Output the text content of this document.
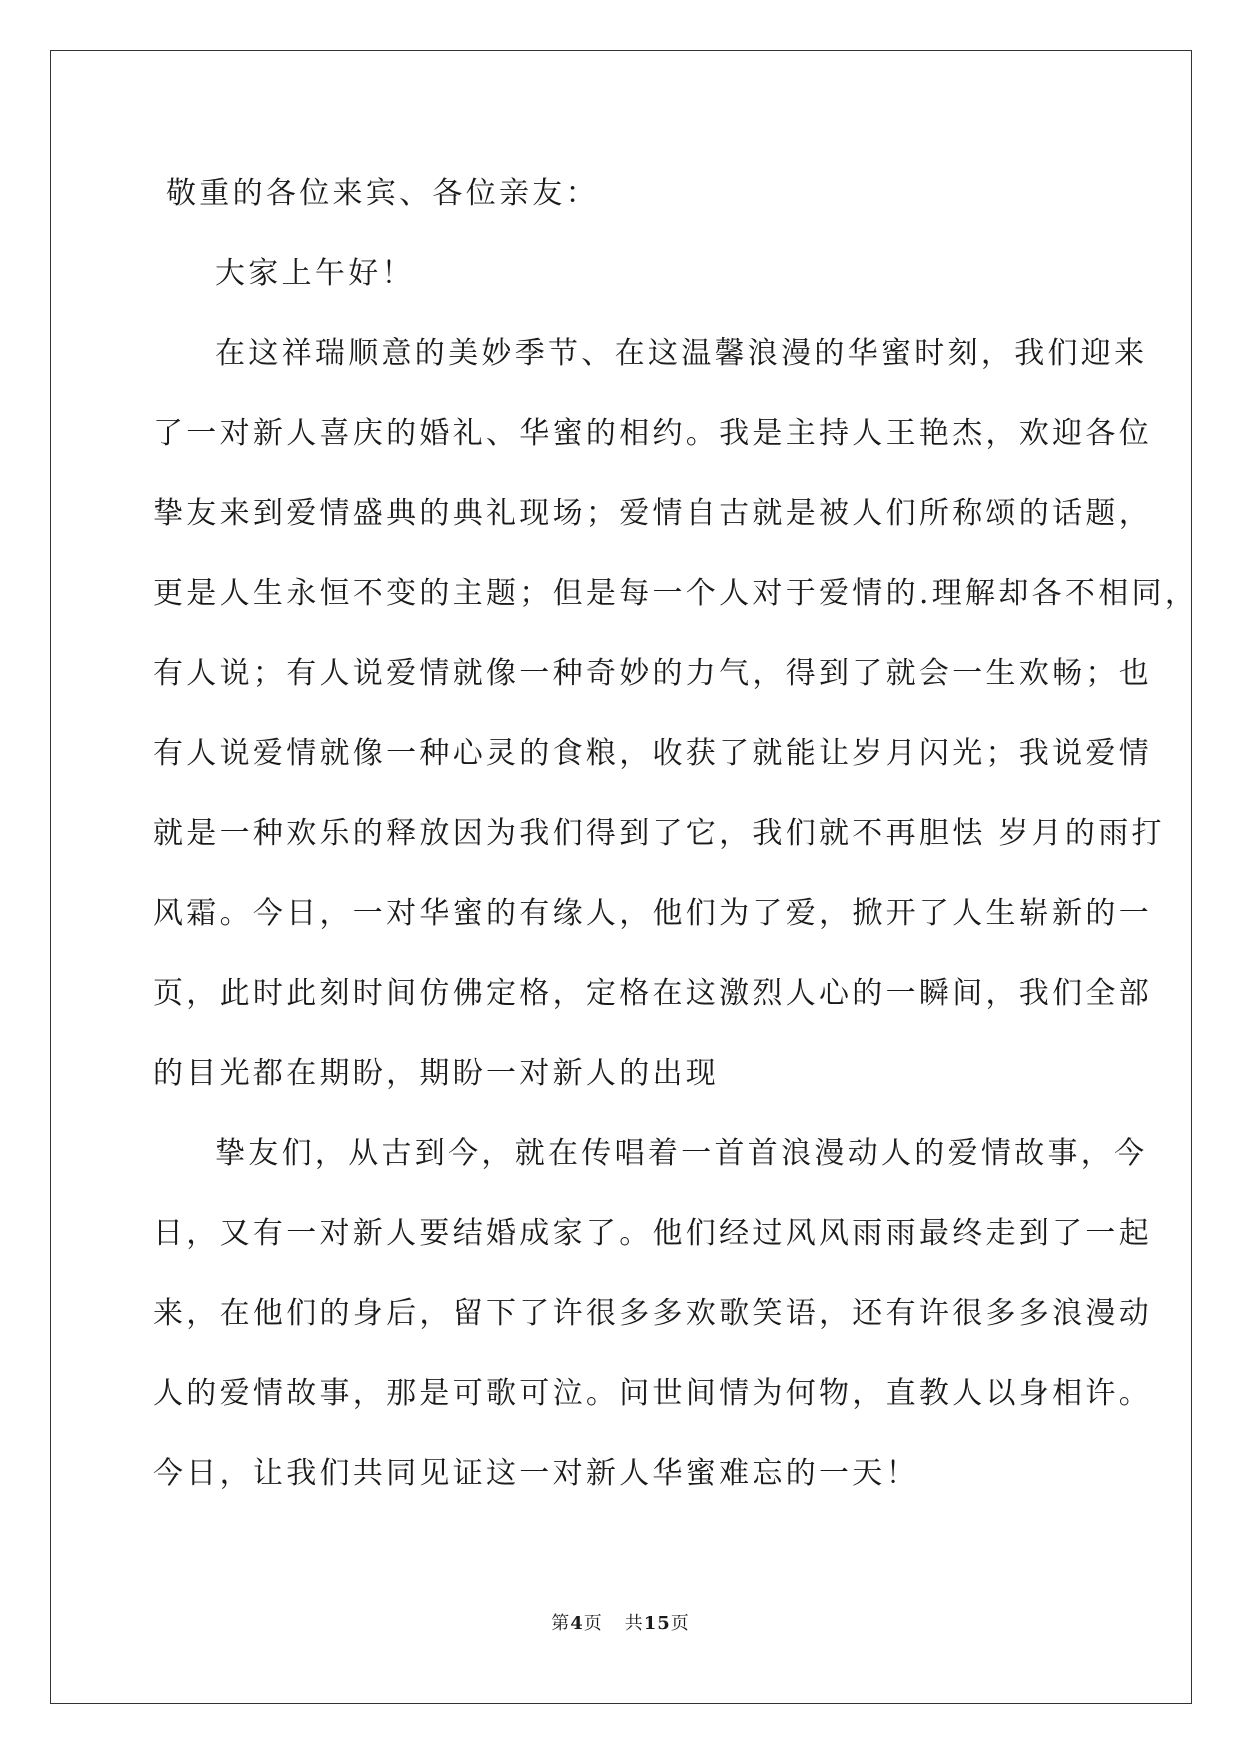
敬重的各位来宾、各位亲友：
大家上午好！
在这祥瑞顺意的美妙季节、在这温馨浪漫的华蜜时刻，我们迎来
了一对新人喜庆的婚礼、华蜜的相约。我是主持人王艳杰，欢迎各位
挚友来到爱情盛典的典礼现场；爱情自古就是被人们所称颂的话题，
更是人生永恒不变的主题；但是每一个人对于爱情的.理解却各不相同，
有人说；有人说爱情就像一种奇妙的力气，得到了就会一生欢畅；也
有人说爱情就像一种心灵的食粮，收获了就能让岁月闪光；我说爱情
就是一种欢乐的释放因为我们得到了它，我们就不再胆怯 岁月的雨打
风霜。今日，一对华蜜的有缘人，他们为了爱，掀开了人生崭新的一
页，此时此刻时间仿佛定格，定格在这激烈人心的一瞬间，我们全部
的目光都在期盼，期盼一对新人的出现
挚友们，从古到今，就在传唱着一首首浪漫动人的爱情故事，今
日，又有一对新人要结婚成家了。他们经过风风雨雨最终走到了一起
来，在他们的身后，留下了许很多多欢歌笑语，还有许很多多浪漫动
人的爱情故事，那是可歌可泣。问世间情为何物，直教人以身相许。
今日，让我们共同见证这一对新人华蜜难忘的一天！
第4页 共15页
